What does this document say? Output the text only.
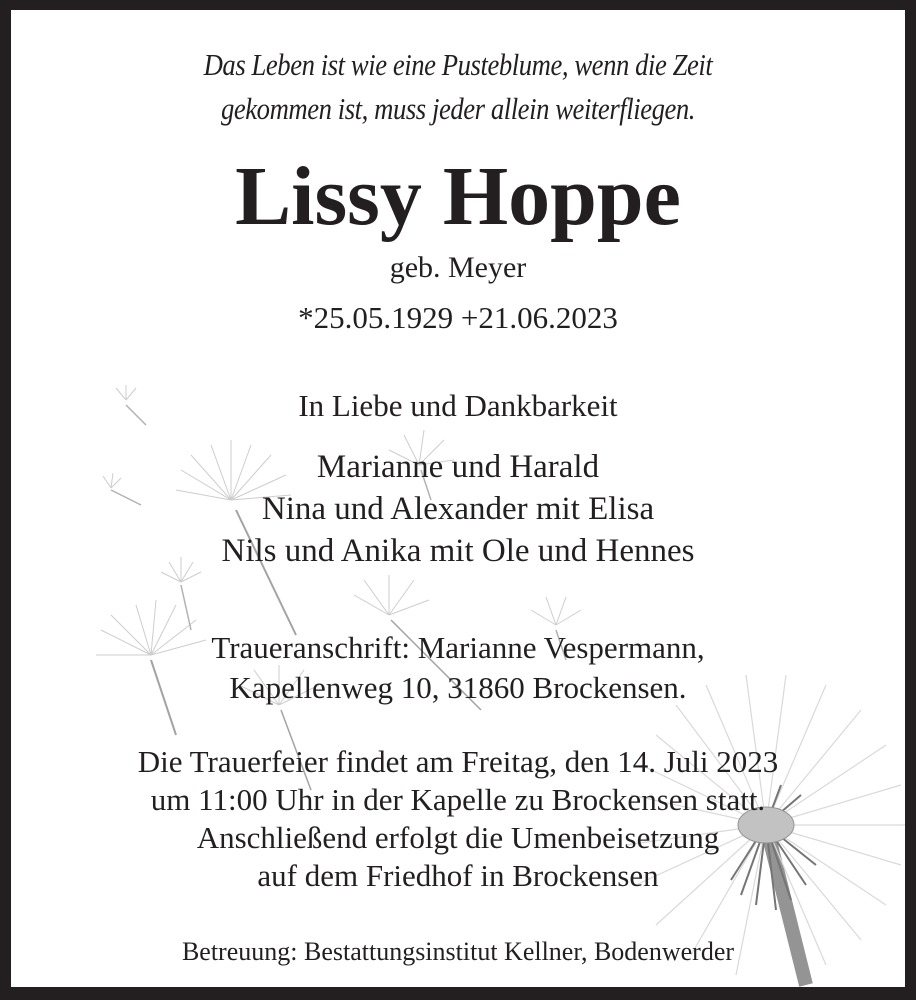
Das Leben ist wie eine Pusteblume, wenn die Zeit
gekommen ist, muss jeder allein weiterfliegen.
Lissy Hoppe
geb. Meyer
*25.05.1929 +21.06.2023
In Liebe und Dankbarkeit
Marianne und Harald
Nina und Alexander mit Elisa
Nils und Anika mit Ole und Hennes
Traueranschrift: Marianne Vespermann,
Kapellenweg 10, 31860 Brockensen.
Die Trauerfeier findet am Freitag, den 14. Juli 2023
um 11:00 Uhr in der Kapelle zu Brockensen statt.
Anschließend erfolgt die Umenbeisetzung
auf dem Friedhof in Brockensen
Betreuung: Bestattungsinstitut Kellner, Bodenwerder
